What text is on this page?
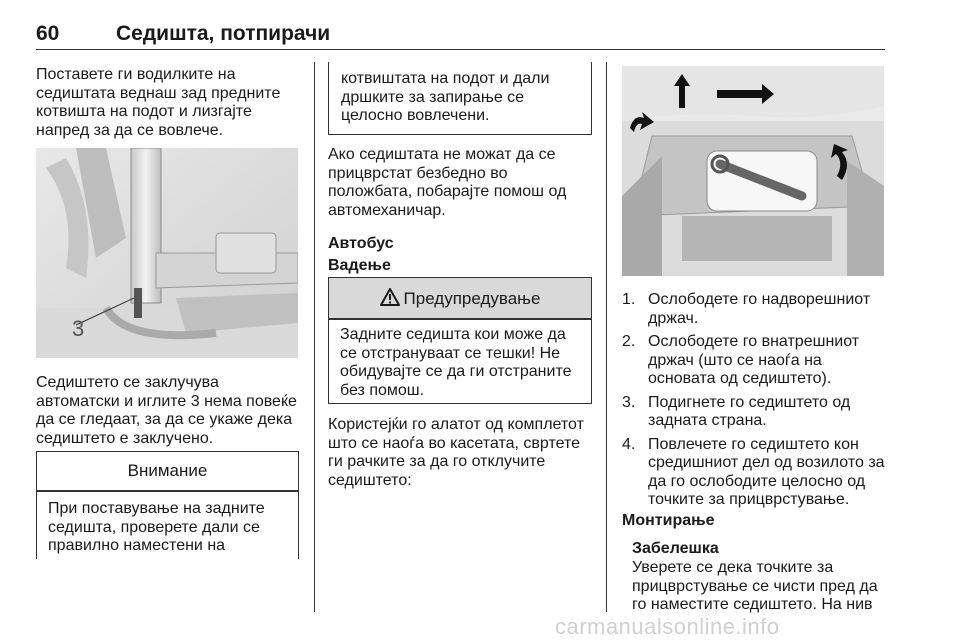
60	Седишта, потпирачи

Поставете ги водилките на седиштата веднаш зад предните котвишта на подот и лизгајте напред за да се вовлече.

3

Седиштето се заклучува автоматски и иглите 3 нема повеќе да се гледаат, за да се укаже дека седиштето е заклучено.

Внимание
При поставување на задните седишта, проверете дали се правилно наместени на
котвиштата на подот и дали дршките за запирање се целосно вовлечени.

Ако седиштата не можат да се прицврстат безбедно во положбата, побарајте помош од автомеханичар.

Автобус

Вадење

Предупредување
Задните седишта кои може да се отстрануваат се тешки! Не обидувајте се да ги отстраните без помош.

Користејќи го алатот од комплетот што се наоѓа во касетата, свртете ги рачките за да го отклучите седиштето:

1. Ослободете го надворешниот држач.
2. Ослободете го внатрешниот држач (што се наоѓа на основата од седиштето).
3. Подигнете го седиштето од задната страна.
4. Повлечете го седиштето кон средишниот дел од возилото за да го ослободите целосно од точките за прицврстување.

Монтирање

Забелешка

Уверете се дека точките за прицврстување се чисти пред да го наместите седиштето. На нив

carmanualsonline.info
